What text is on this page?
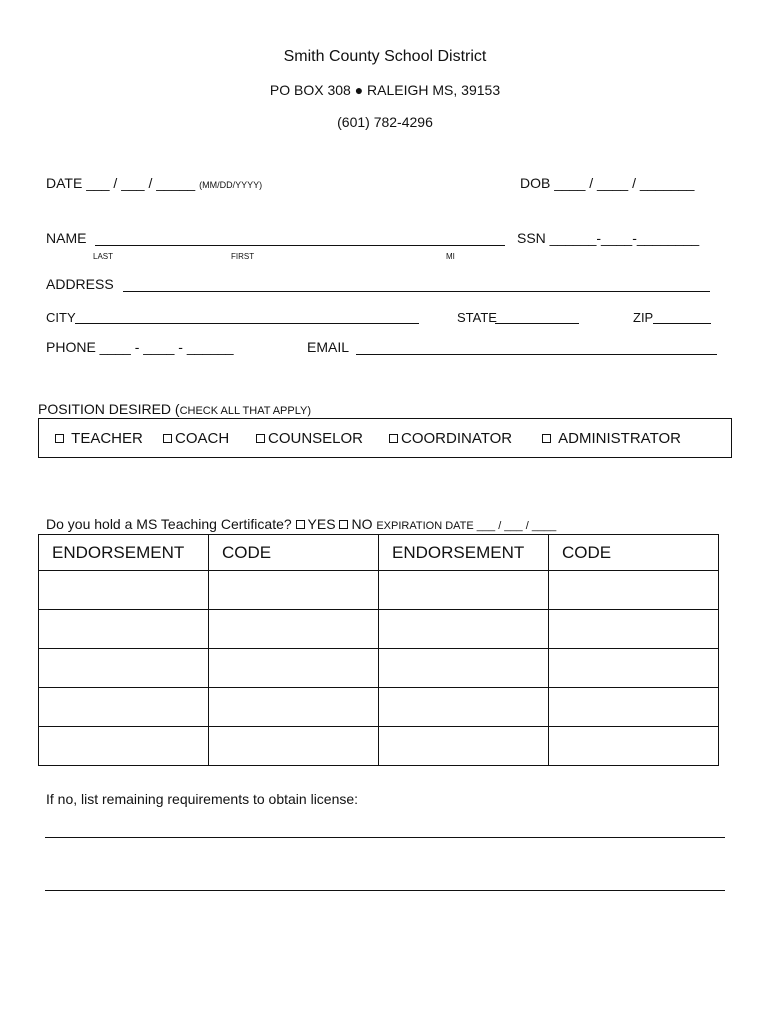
Smith County School District
PO BOX 308 ● RALEIGH MS, 39153
(601) 782-4296
DATE ___ / ___ / _____ (MM/DD/YYYY)	DOB ____ / ____ / _______
NAME
LAST	FIRST	MI
SSN ______-____-________
ADDRESS
CITY	STATE	ZIP
PHONE ____ - ____ - ______	EMAIL
POSITION DESIRED (CHECK ALL THAT APPLY)
TEACHER	COACH	COUNSELOR	COORDINATOR	ADMINISTRATOR
Do you hold a MS Teaching Certificate? YES NO EXPIRATION DATE ___ / ___ / ____
ENDORSEMENT	CODE	ENDORSEMENT	CODE

If no, list remaining requirements to obtain license:
